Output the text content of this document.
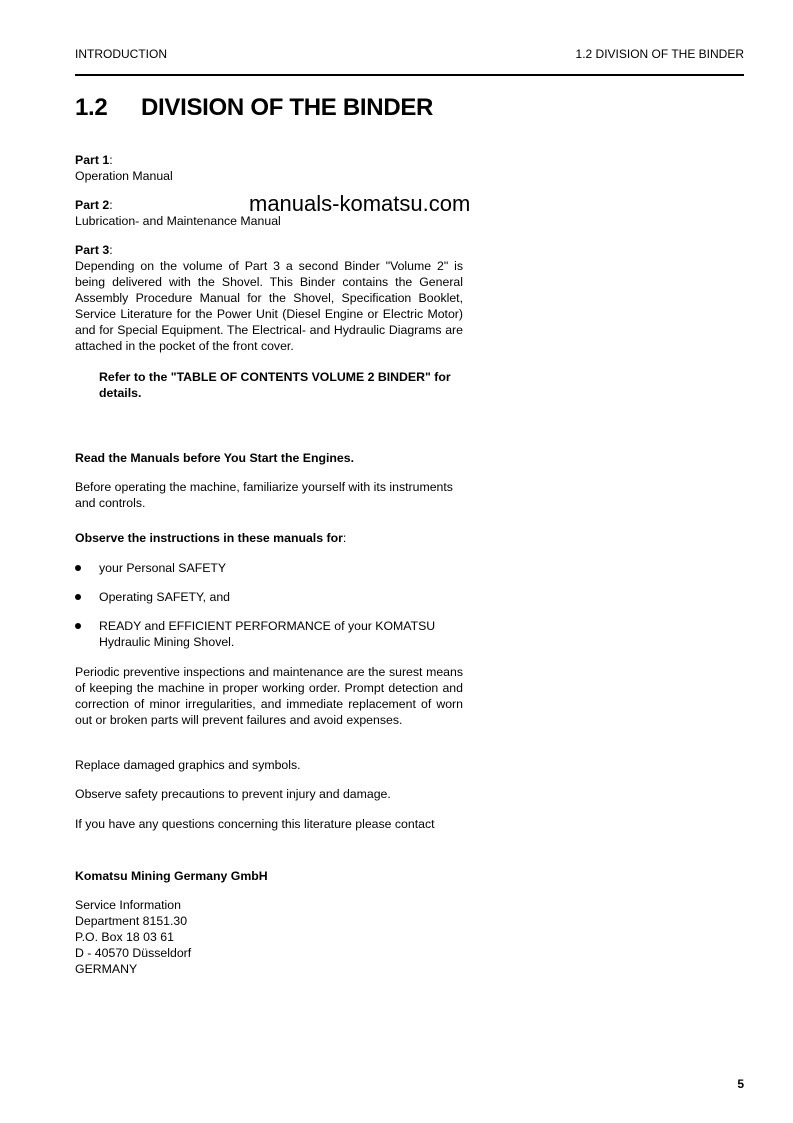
INTRODUCTION	1.2 DIVISION OF THE BINDER
1.2 DIVISION OF THE BINDER
manuals-komatsu.com

Part 1:

Operation Manual

Part 2:

Lubrication- and Maintenance Manual

Part 3:

Depending on the volume of Part 3 a second Binder "Volume 2" is being delivered with the Shovel. This Binder contains the General Assembly Procedure Manual for the Shovel, Specification Booklet, Service Literature for the Power Unit (Diesel Engine or Electric Motor) and for Special Equipment. The Electrical- and Hydraulic Diagrams are attached in the pocket of the front cover.

Refer to the "TABLE OF CONTENTS VOLUME 2 BINDER" for details.
Read the Manuals before You Start the Engines.
Before operating the machine, familiarize yourself with its instruments and controls.
Observe the instructions in these manuals for:
your Personal SAFETY
Operating SAFETY, and
READY and EFFICIENT PERFORMANCE of your KOMATSU Hydraulic Mining Shovel.
Periodic preventive inspections and maintenance are the surest means of keeping the machine in proper working order. Prompt detection and correction of minor irregularities, and immediate replacement of worn out or broken parts will prevent failures and avoid expenses.
Replace damaged graphics and symbols.
Observe safety precautions to prevent injury and damage.
If you have any questions concerning this literature please contact
Komatsu Mining Germany GmbH

Service Information

Department 8151.30

P.O. Box 18 03 61

D - 40570 Düsseldorf

GERMANY

5
